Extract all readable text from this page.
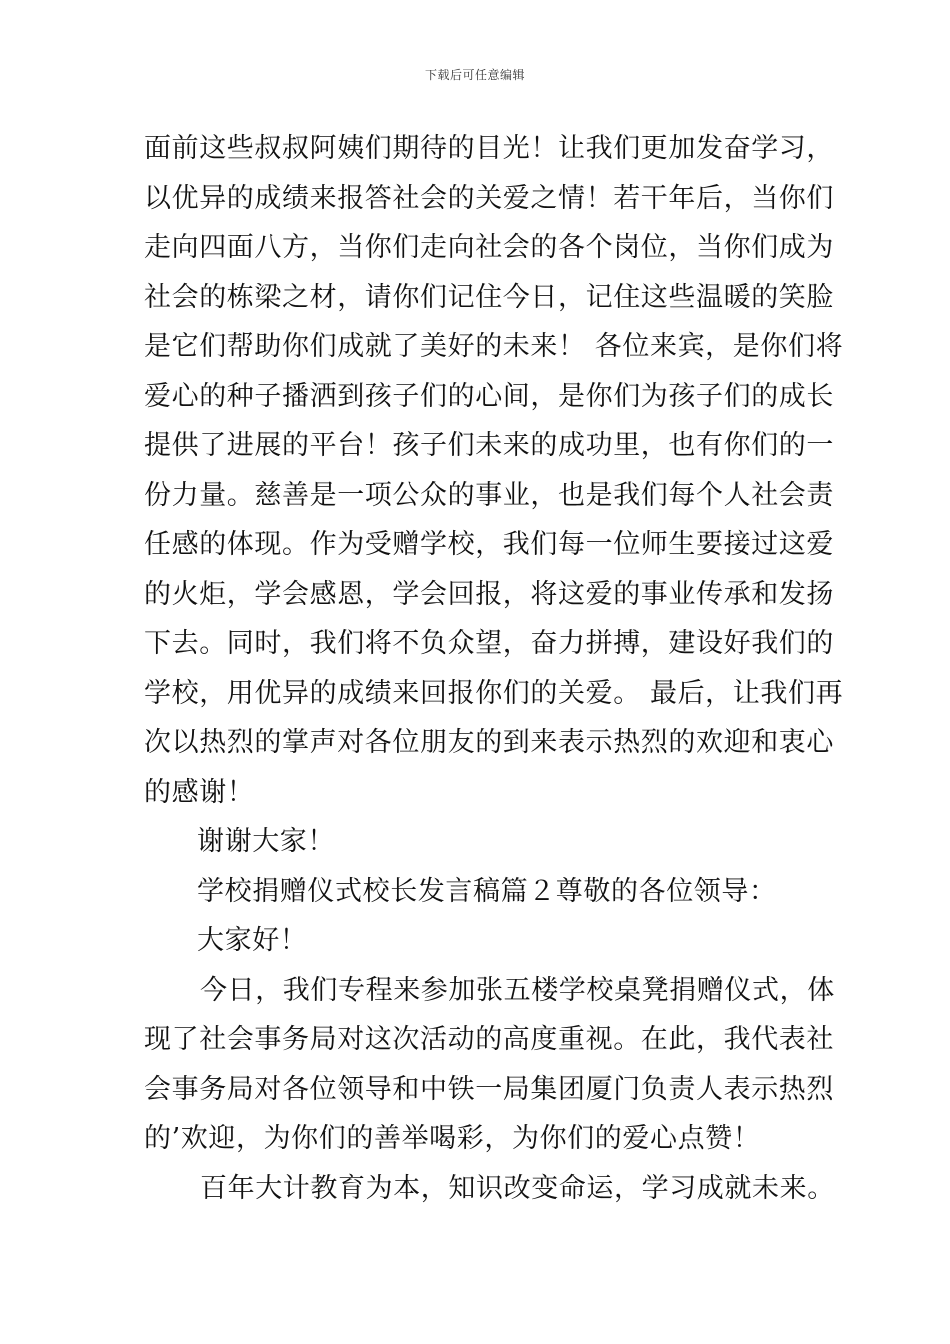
下载后可任意编辑
面前这些叔叔阿姨们期待的目光！让我们更加发奋学习，
以优异的成绩来报答社会的关爱之情！若干年后，当你们
走向四面八方，当你们走向社会的各个岗位，当你们成为
社会的栋梁之材，请你们记住今日，记住这些温暖的笑脸
是它们帮助你们成就了美好的未来！ 各位来宾，是你们将
爱心的种子播洒到孩子们的心间，是你们为孩子们的成长
提供了进展的平台！孩子们未来的成功里，也有你们的一
份力量。慈善是一项公众的事业，也是我们每个人社会责
任感的体现。作为受赠学校，我们每一位师生要接过这爱
的火炬，学会感恩，学会回报，将这爱的事业传承和发扬
下去。同时，我们将不负众望，奋力拼搏，建设好我们的
学校，用优异的成绩来回报你们的关爱。 最后，让我们再
次以热烈的掌声对各位朋友的到来表示热烈的欢迎和衷心
的感谢！
谢谢大家！
学校捐赠仪式校长发言稿篇２尊敬的各位领导：
大家好！
今日，我们专程来参加张五楼学校桌凳捐赠仪式，体
现了社会事务局对这次活动的高度重视。在此，我代表社
会事务局对各位领导和中铁一局集团厦门负责人表示热烈
的’欢迎，为你们的善举喝彩，为你们的爱心点赞！
百年大计教育为本，知识改变命运，学习成就未来。
